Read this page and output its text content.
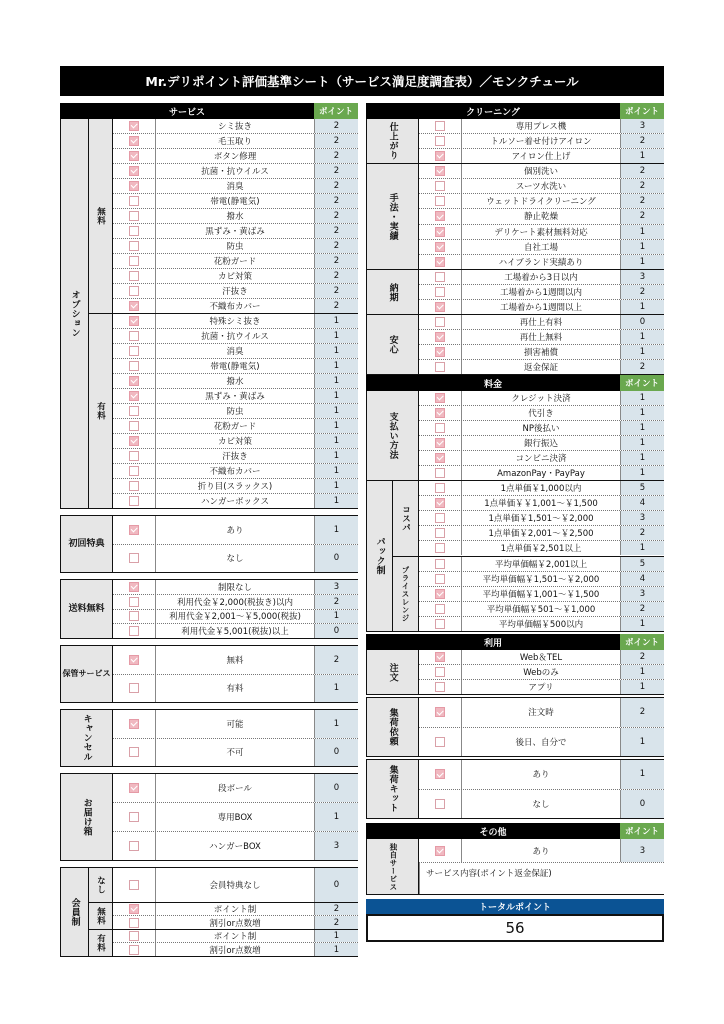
Mr.デリポイント評価基準シート（サービス満足度調査表）／モンクチュール
サービス	ポイント
オプション
無料
シミ抜き	2
毛玉取り	2
ボタン修理	2
抗菌・抗ウイルス	2
消臭	2
帯電(静電気)	2
撥水	2
黒ずみ・黄ばみ	2
防虫	2
花粉ガード	2
カビ対策	2
汗抜き	2
不織布カバー	2
有料
特殊シミ抜き	1
抗菌・抗ウイルス	1
消臭	1
帯電(静電気)	1
撥水	1
黒ずみ・黄ばみ	1
防虫	1
花粉ガード	1
カビ対策	1
汗抜き	1
不織布カバー	1
折り目(スラックス)	1
ハンガーボックス	1
初回特典
あり	1
なし	0
送料無料
制限なし	3
利用代金￥2,000(税抜き)以内	2
利用代金￥2,001～￥5,000(税抜)	1
利用代金￥5,001(税抜)以上	0
保管サービス
無料	2
有料	1
キャンセル	可能	1
不可	0
お届け箱
段ボール	0
専用BOX	1
ハンガーBOX	3
会員制
なし	会員特典なし	0
無料	ポイント制	2
割引or点数増	2
有料	ポイント制	1
割引or点数増	1
クリーニング	ポイント
仕上がり	専用プレス機	3
トルソー着せ付けアイロン	2
アイロン仕上げ	1
手法・実績
個別洗い	2
スーツ水洗い	2
ウェットドライクリーニング	2
静止乾燥	2
デリケート素材無料対応	1
自社工場	1
ハイブランド実績あり	1
納期
工場着から3日以内	3
工場着から1週間以内	2
工場着から1週間以上	1
安心
再仕上有料	0
再仕上無料	1
損害補償	1
返金保証	2
料金	ポイント
支払い方法
クレジット決済	1
代引き	1
NP後払い	1
銀行振込	1
コンビニ決済	1
AmazonPay・PayPay	1
パック制
コスパ
1点単価￥1,000以内	5
1点単価￥￥1,001～￥1,500	4
1点単価￥1,501～￥2,000	3
1点単価￥2,001～￥2,500	2
1点単価￥2,501以上	1
プライスレンジ
平均単価幅￥2,001以上	5
平均単価幅￥1,501～￥2,000	4
平均単価幅￥1,001～￥1,500	3
平均単価幅￥501～￥1,000	2
平均単価幅￥500以内	1
利用	ポイント
注文
Web＆TEL	2
Webのみ	1
アプリ	1
集荷依頼	注文時	2
後日、自分で	1
集荷キット	あり	1
なし	0
その他	ポイント
独自サービス	あり	3
サービス内容(ポイント返金保証)
トータルポイント
56
